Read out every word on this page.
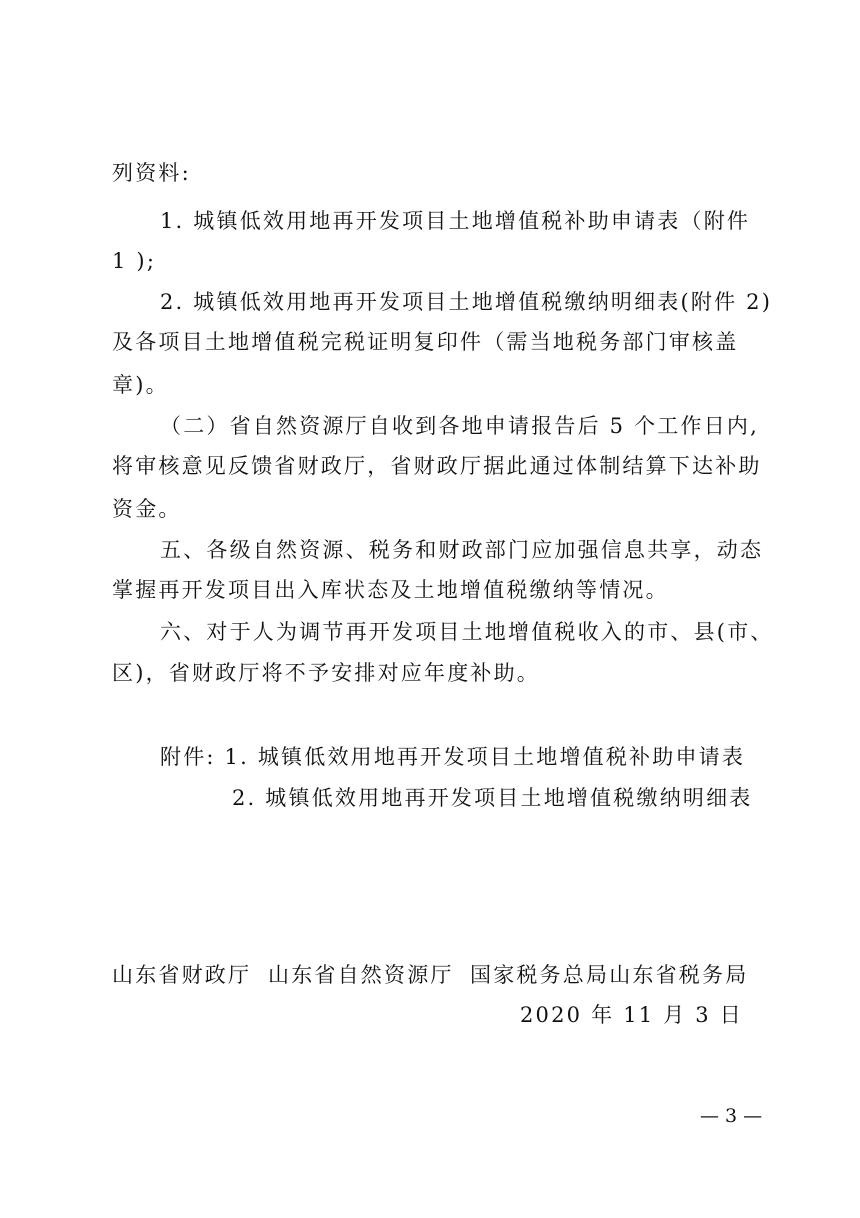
列资料:
1. 城镇低效用地再开发项目土地增值税补助申请表（附件
1 );
2. 城镇低效用地再开发项目土地增值税缴纳明细表(附件 2)
及各项目土地增值税完税证明复印件（需当地税务部门审核盖
章)。
（二）省自然资源厅自收到各地申请报告后 5 个工作日内,
将审核意见反馈省财政厅，省财政厅据此通过体制结算下达补助
资金。
五、各级自然资源、税务和财政部门应加强信息共享，动态
掌握再开发项目出入库状态及土地增值税缴纳等情况。
六、对于人为调节再开发项目土地增值税收入的市、县(市、
区)，省财政厅将不予安排对应年度补助。
附件: 1. 城镇低效用地再开发项目土地增值税补助申请表
2. 城镇低效用地再开发项目土地增值税缴纳明细表
山东省财政厅 山东省自然资源厅 国家税务总局山东省税务局
2020 年 11 月 3 日
— 3 —
